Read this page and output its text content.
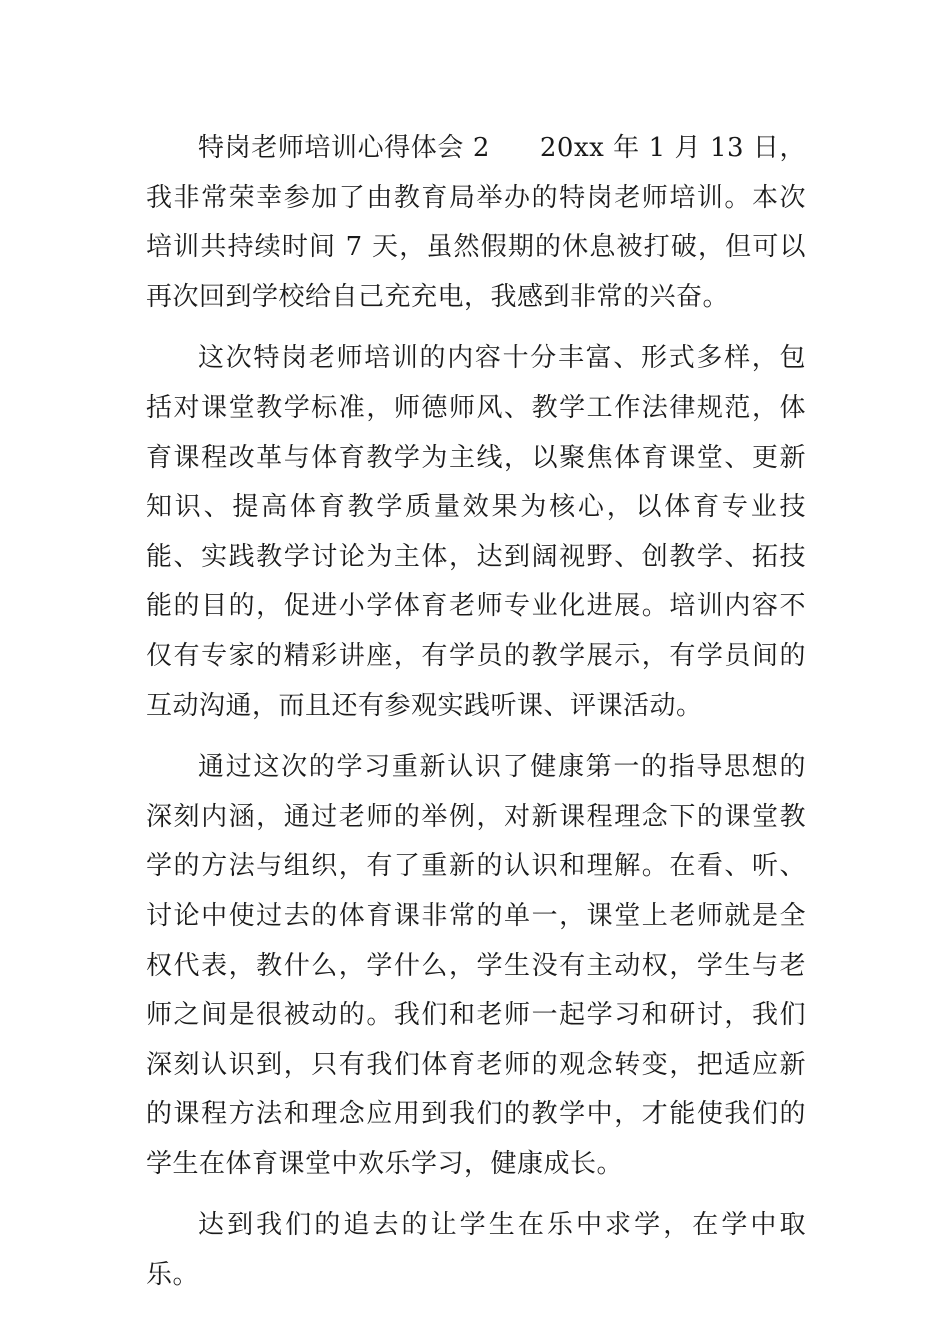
特岗老师培训心得体会 2 20xx 年 1 月 13 日，我非常荣幸参加了由教育局举办的特岗老师培训。本次培训共持续时间 7 天，虽然假期的休息被打破，但可以再次回到学校给自己充充电，我感到非常的兴奋。

这次特岗老师培训的内容十分丰富、形式多样，包括对课堂教学标准，师德师风、教学工作法律规范，体育课程改革与体育教学为主线，以聚焦体育课堂、更新知识、提高体育教学质量效果为核心，以体育专业技能、实践教学讨论为主体，达到阔视野、创教学、拓技能的目的，促进小学体育老师专业化进展。培训内容不仅有专家的精彩讲座，有学员的教学展示，有学员间的互动沟通，而且还有参观实践听课、评课活动。

通过这次的学习重新认识了健康第一的指导思想的深刻内涵，通过老师的举例，对新课程理念下的课堂教学的方法与组织，有了重新的认识和理解。在看、听、讨论中使过去的体育课非常的单一，课堂上老师就是全权代表，教什么，学什么，学生没有主动权，学生与老师之间是很被动的。我们和老师一起学习和研讨，我们深刻认识到，只有我们体育老师的观念转变，把适应新的课程方法和理念应用到我们的教学中，才能使我们的学生在体育课堂中欢乐学习，健康成长。

达到我们的追去的让学生在乐中求学，在学中取乐。
